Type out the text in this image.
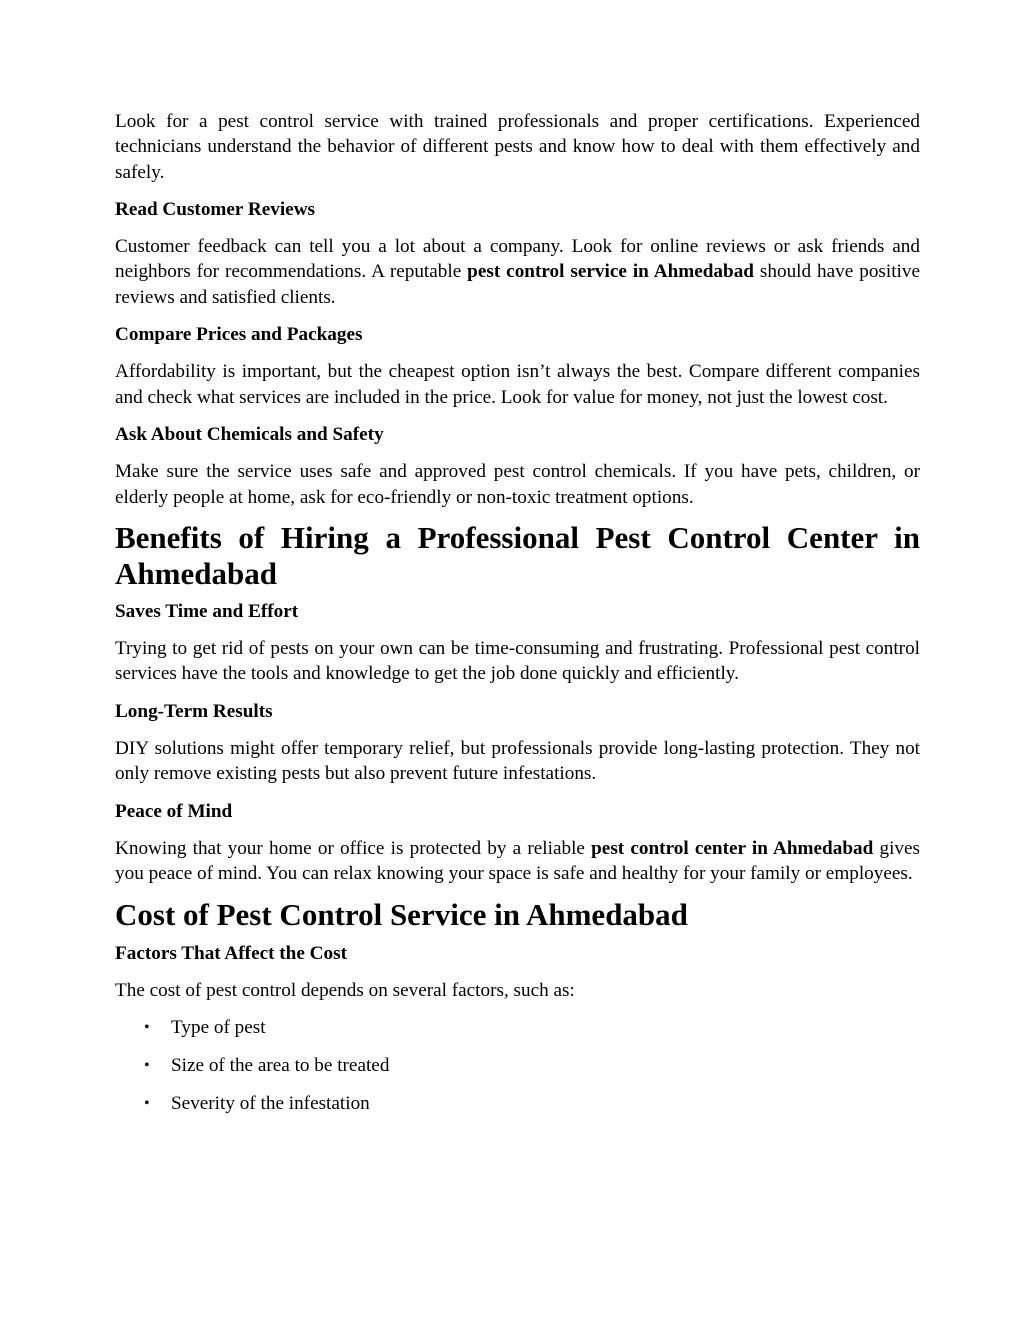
Look for a pest control service with trained professionals and proper certifications. Experienced technicians understand the behavior of different pests and know how to deal with them effectively and safely.

Read Customer Reviews

Customer feedback can tell you a lot about a company. Look for online reviews or ask friends and neighbors for recommendations. A reputable pest control service in Ahmedabad should have positive reviews and satisfied clients.

Compare Prices and Packages

Affordability is important, but the cheapest option isn’t always the best. Compare different companies and check what services are included in the price. Look for value for money, not just the lowest cost.

Ask About Chemicals and Safety

Make sure the service uses safe and approved pest control chemicals. If you have pets, children, or elderly people at home, ask for eco-friendly or non-toxic treatment options.

Benefits of Hiring a Professional Pest Control Center in Ahmedabad

Saves Time and Effort

Trying to get rid of pests on your own can be time-consuming and frustrating. Professional pest control services have the tools and knowledge to get the job done quickly and efficiently.

Long-Term Results

DIY solutions might offer temporary relief, but professionals provide long-lasting protection. They not only remove existing pests but also prevent future infestations.

Peace of Mind

Knowing that your home or office is protected by a reliable pest control center in Ahmedabad gives you peace of mind. You can relax knowing your space is safe and healthy for your family or employees.

Cost of Pest Control Service in Ahmedabad

Factors That Affect the Cost

The cost of pest control depends on several factors, such as:

• Type of pest
• Size of the area to be treated
• Severity of the infestation
